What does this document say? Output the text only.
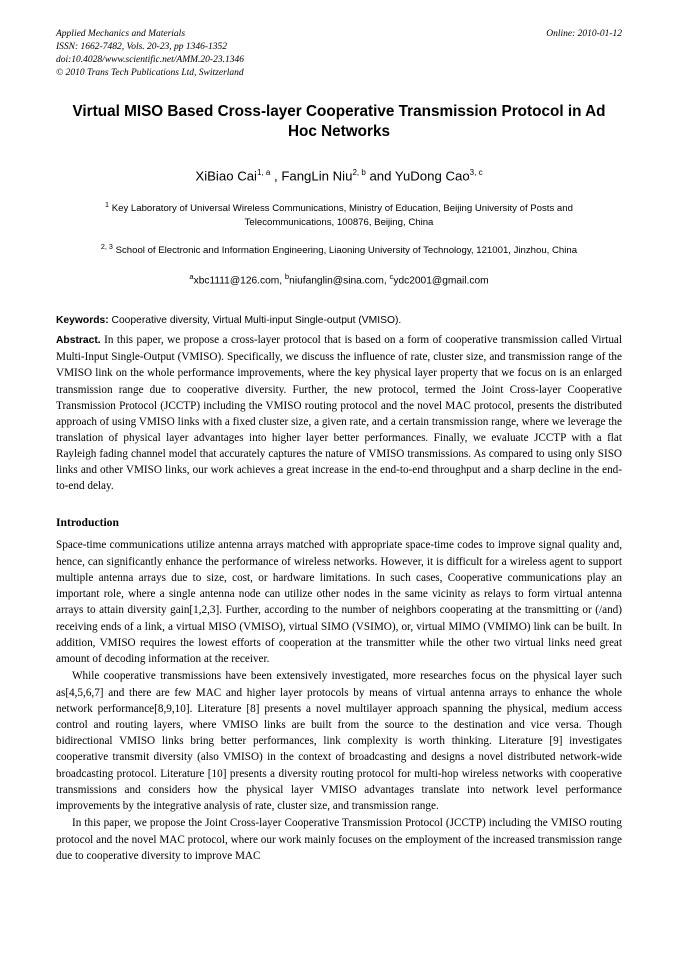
Applied Mechanics and Materials
ISSN: 1662-7482, Vols. 20-23, pp 1346-1352
doi:10.4028/www.scientific.net/AMM.20-23.1346
© 2010 Trans Tech Publications Ltd, Switzerland
Online: 2010-01-12
Virtual MISO Based Cross-layer Cooperative Transmission Protocol in Ad Hoc Networks
XiBiao Cai$^{1, a}$ , FangLin Niu$^{2, b}$ and YuDong Cao$^{3, c}$
$^1$ Key Laboratory of Universal Wireless Communications, Ministry of Education, Beijing University of Posts and Telecommunications, 100876, Beijing, China
$^{2, 3}$ School of Electronic and Information Engineering, Liaoning University of Technology, 121001, Jinzhou, China
$^a$xbc1111@126.com, $^b$niufanglin@sina.com, $^c$ydc2001@gmail.com
Keywords: Cooperative diversity, Virtual Multi-input Single-output (VMISO).
Abstract. In this paper, we propose a cross-layer protocol that is based on a form of cooperative transmission called Virtual Multi-Input Single-Output (VMISO). Specifically, we discuss the influence of rate, cluster size, and transmission range of the VMISO link on the whole performance improvements, where the key physical layer property that we focus on is an enlarged transmission range due to cooperative diversity. Further, the new protocol, termed the Joint Cross-layer Cooperative Transmission Protocol (JCCTP) including the VMISO routing protocol and the novel MAC protocol, presents the distributed approach of using VMISO links with a fixed cluster size, a given rate, and a certain transmission range, where we leverage the translation of physical layer advantages into higher layer better performances. Finally, we evaluate JCCTP with a flat Rayleigh fading channel model that accurately captures the nature of VMISO transmissions. As compared to using only SISO links and other VMISO links, our work achieves a great increase in the end-to-end throughput and a sharp decline in the end-to-end delay.
Introduction

Space-time communications utilize antenna arrays matched with appropriate space-time codes to improve signal quality and, hence, can significantly enhance the performance of wireless networks. However, it is difficult for a wireless agent to support multiple antenna arrays due to size, cost, or hardware limitations. In such cases, Cooperative communications play an important role, where a single antenna node can utilize other nodes in the same vicinity as relays to form virtual antenna arrays to attain diversity gain[1,2,3]. Further, according to the number of neighbors cooperating at the transmitting or (/and) receiving ends of a link, a virtual MISO (VMISO), virtual SIMO (VSIMO), or, virtual MIMO (VMIMO) link can be built. In addition, VMISO requires the lowest efforts of cooperation at the transmitter while the other two virtual links need great amount of decoding information at the receiver.

While cooperative transmissions have been extensively investigated, more researches focus on the physical layer such as[4,5,6,7] and there are few MAC and higher layer protocols by means of virtual antenna arrays to enhance the whole network performance[8,9,10]. Literature [8] presents a novel multilayer approach spanning the physical, medium access control and routing layers, where VMISO links are built from the source to the destination and vice versa. Though bidirectional VMISO links bring better performances, link complexity is worth thinking. Literature [9] investigates cooperative transmit diversity (also VMISO) in the context of broadcasting and designs a novel distributed network-wide broadcasting protocol. Literature [10] presents a diversity routing protocol for multi-hop wireless networks with cooperative transmissions and considers how the physical layer VMISO advantages translate into network level performance improvements by the integrative analysis of rate, cluster size, and transmission range.

In this paper, we propose the Joint Cross-layer Cooperative Transmission Protocol (JCCTP) including the VMISO routing protocol and the novel MAC protocol, where our work mainly focuses on the employment of the increased transmission range due to cooperative diversity to improve MAC
